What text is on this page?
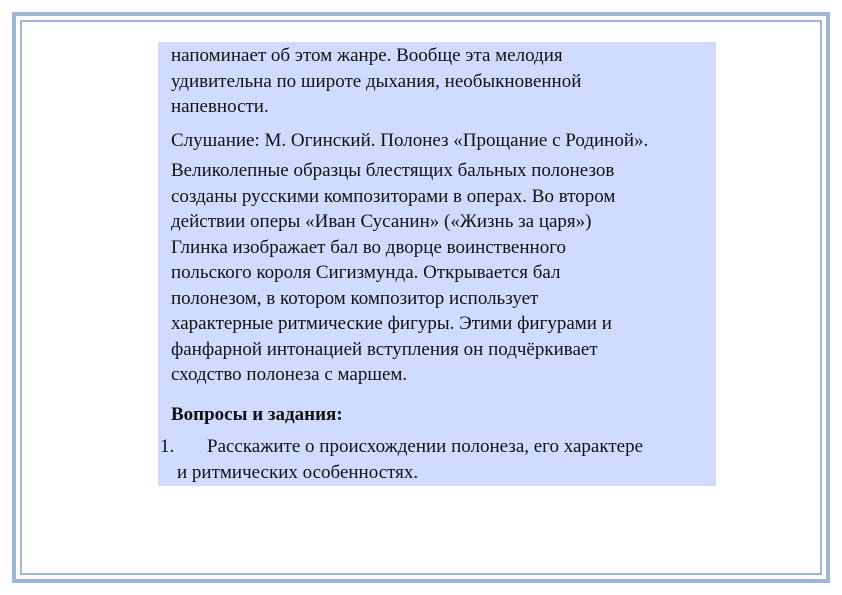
напоминает об этом жанре. Вообще эта мелодия
удивительна по широте дыхания, необыкновенной
напевности.
Слушание: М. Огинский. Полонез «Прощание с Родиной».
Великолепные образцы блестящих бальных полонезов
созданы русскими композиторами в операх. Во втором
действии оперы «Иван Сусанин» («Жизнь за царя»)
Глинка изображает бал во дворце воинственного
польского короля Сигизмунда. Открывается бал
полонезом, в котором композитор использует
характерные ритмические фигуры. Этими фигурами и
фанфарной интонацией вступления он подчёркивает
сходство полонеза с маршем.
Вопросы и задания:
1. Расскажите о происхождении полонеза, его характере
и ритмических особенностях.
